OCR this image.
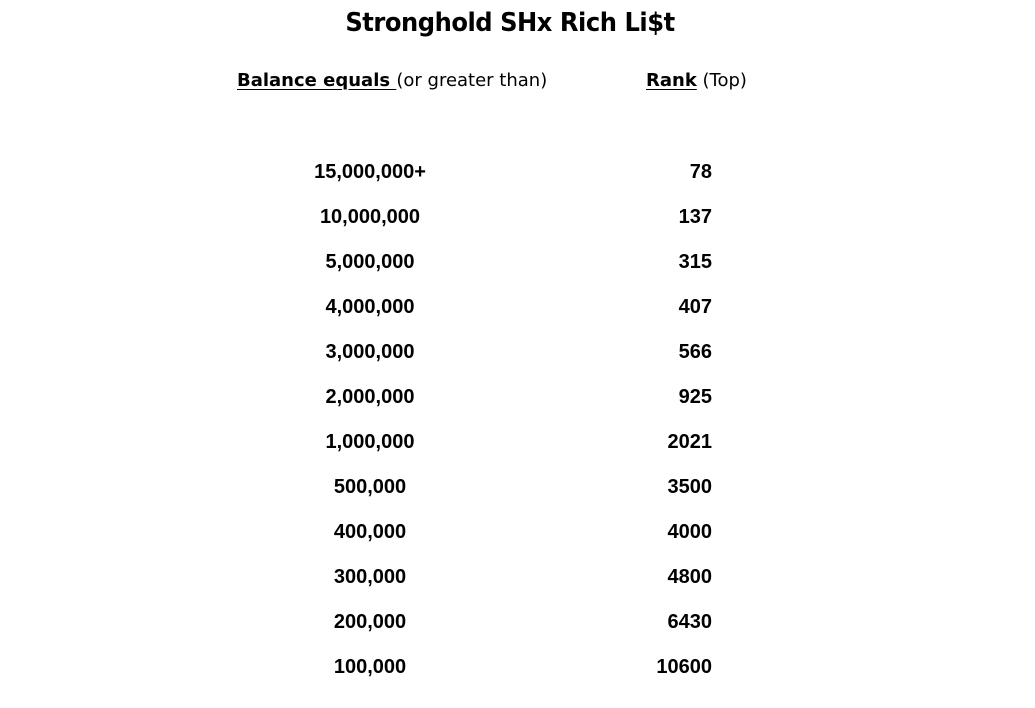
Stronghold SHx Rich Li$t
Balance equals (or greater than)	Rank (Top)
15,000,000+	78
10,000,000	137
5,000,000	315
4,000,000	407
3,000,000	566
2,000,000	925
1,000,000	2021
500,000	3500
400,000	4000
300,000	4800
200,000	6430
100,000	10600
